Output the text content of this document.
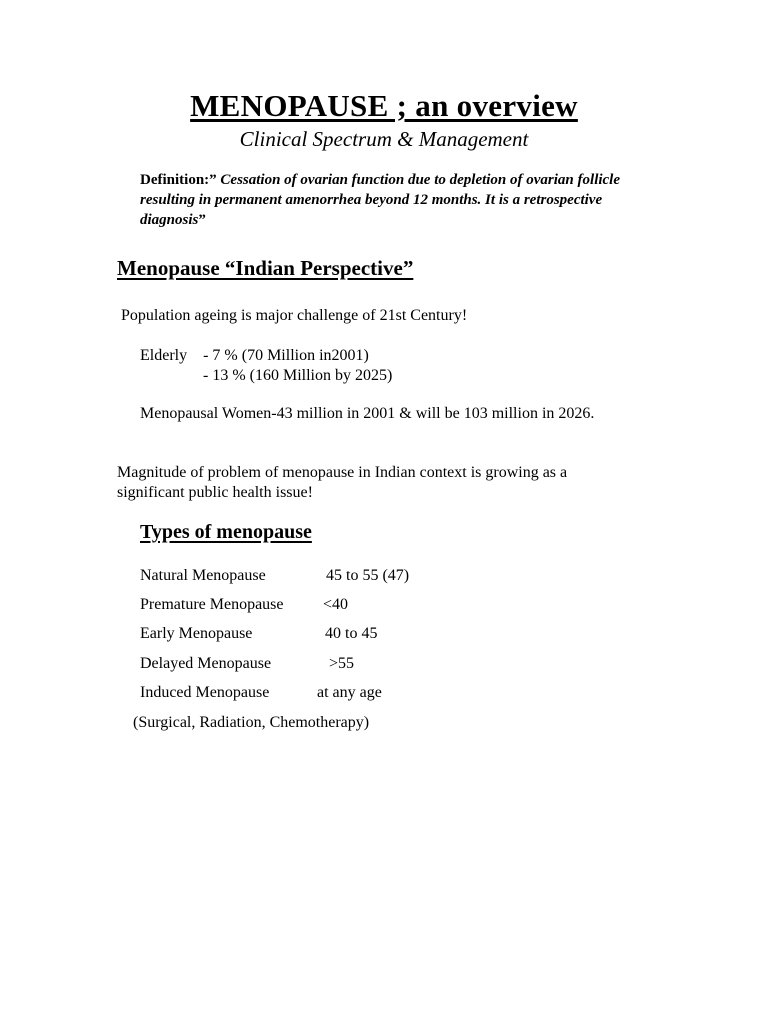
MENOPAUSE ; an overview

Clinical Spectrum & Management

Definition:” Cessation of ovarian function due to depletion of ovarian follicle resulting in permanent amenorrhea beyond 12 months. It is a retrospective diagnosis”

Menopause “Indian Perspective”

Population ageing is major challenge of 21st Century!

Elderly    - 7 % (70 Million in2001)

- 13 % (160 Million by 2025)

Menopausal Women-43 million in 2001 & will be 103 million in 2026.

Magnitude of problem of menopause in Indian context is growing as a significant public health issue!

Types of menopause
Natural Menopause	45 to 55 (47)
Premature Menopause <40
Early Menopause	40 to 45
Delayed Menopause	>55
Induced Menopause	at any age

(Surgical, Radiation, Chemotherapy)
